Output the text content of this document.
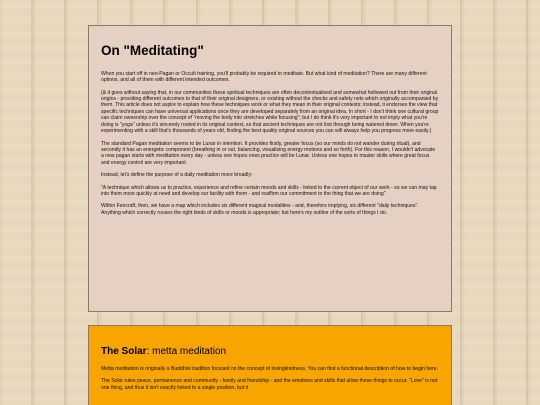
On "Meditating"

When you start off in neo-Pagan or Occult training, you'll probably be required to meditate. But what kind of meditation? There are many different options, and all of them with different intended outcomes.

(& it goes without saying that, in our communities these spiritual techniques are often decontextualised and somewhat hollowed out from their original origins - providing different outcomes to that of their original designers, or existing without the checks and safety nets which originally accompanied by them. This article does not aspire to explain how these techniques work or what they mean in their original contexts; instead, it endorses the view that specific techniques can have universal applications once they are developed separately from an original idea. In short - I don't think one cultural group can claim ownership over the concept of "moving the body into stretches while focusing"; but I do think it's very important to not imply what you're doing is "yoga" unless it's sincerely rooted in its original context, so that ancient techniques are not lost through being watered down. When you're experimenting with a skill that's thousands of years old, finding the best quality original sources you can will always help you progress more easily.)

The standard Pagan meditation seems to be Lunar in intention. It provides firstly, greater focus (so our minds do not wander during ritual), and secondly it has an energetic component (breathing in or out, balancing, visualising energy motions and so forth). For this reason, I wouldn't advocate a new pagan starts with meditation every day - unless one hopes ones practice will be Lunar. Unless one hopes to master skills where great focus and energy control are very important.

Instead, let's define the purpose of a daily meditation more broadly:

"A technique which allows us to practice, experience and refine certain moods and skills - linked to the current object of our work - so we can may tap into them more quickly at need and develop our facility with them - and reaffirm our commitment to the thing that we are doing"

Within Fencraft, then, we have a map which includes six different magical modalities - and, therefore implying, six different "daily techniques". Anything which correctly rouses the right kinds of skills or moods is appropriate; but here's my outline of the sorts of things I do.

The Solar: metta meditation

Metta meditation is originally a Buddhist tradition focused on the concept of lovingkindness. You can find a functional description of how to begin here.

The Solar rules peace, permanence and community - family and friendship - and the emotions and skills that allow these things to occur. "Love" is not one thing, and thus it isn't exactly linked to a single position, but it
